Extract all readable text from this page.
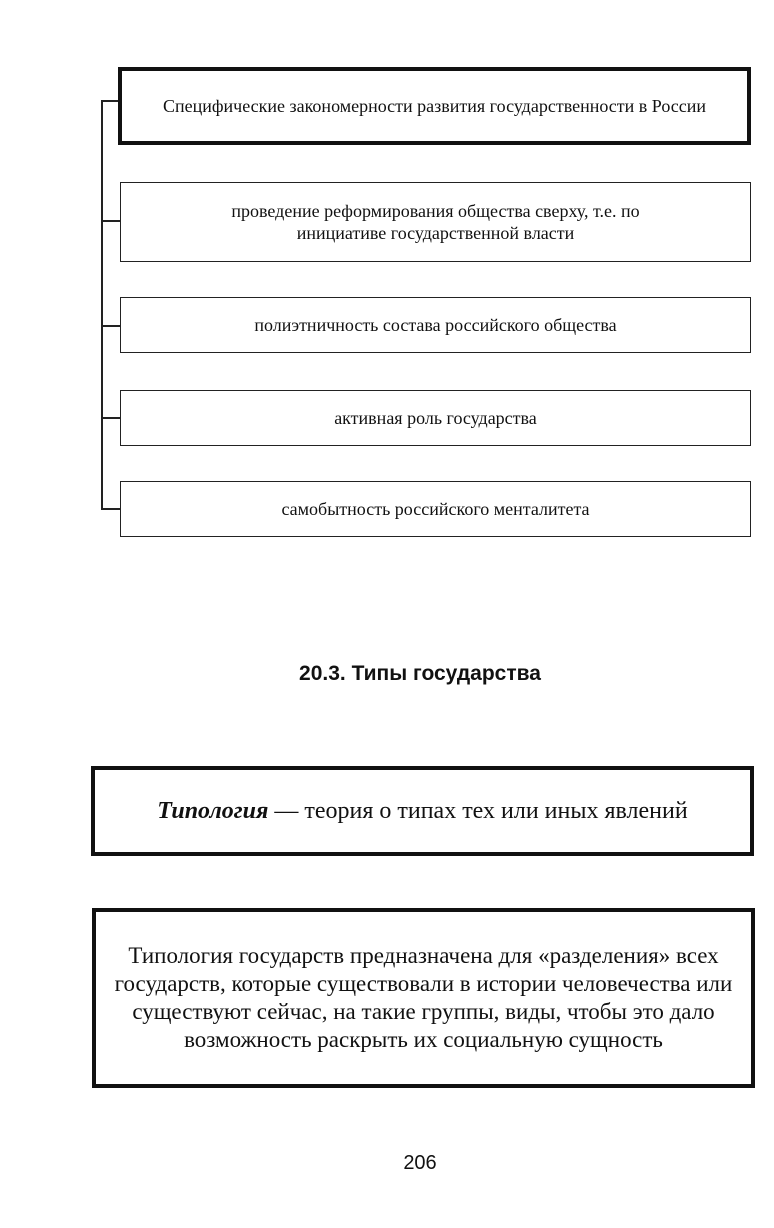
Специфические закономерности развития государственности в России
проведение реформирования общества сверху, т.е. по инициативе государственной власти
полиэтничность состава российского общества
активная роль государства
самобытность российского менталитета
20.3. Типы государства
Типология — теория о типах тех или иных явлений
Типология государств предназначена для «разделения» всех государств, которые существовали в истории человечества или существуют сейчас, на такие группы, виды, чтобы это дало возможность раскрыть их социальную сущность
206
